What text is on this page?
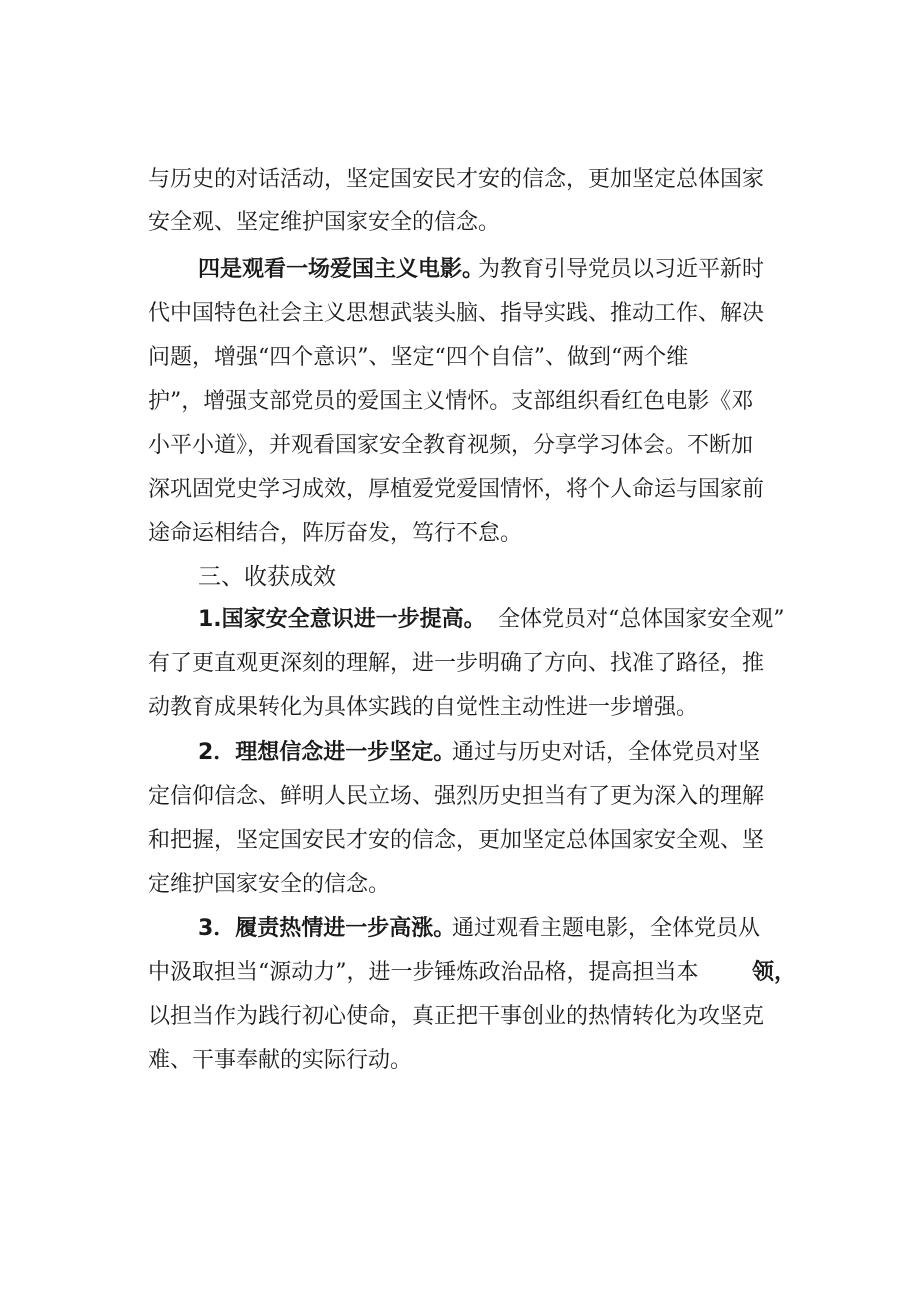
与历史的对话活动，坚定国安民才安的信念，更加坚定总体国家
安全观、坚定维护国家安全的信念。
四是观看一场爱国主义电影。
为教育引导党员以习近平新时
代中国特色社会主义思想武装头脑、指导实践、推动工作、解决
问题，增强“四个意识”、坚定“四个自信”、做到“两个维
护”，增强支部党员的爱国主义情怀。支部组织看红色电影《邓
小平小道》，并观看国家安全教育视频，分享学习体会。不断加
深巩固党史学习成效，厚植爱党爱国情怀，将个人命运与国家前
途命运相结合，阵厉奋发，笃行不怠。
三、收获成效
1.国家安全意识进一步提高。 全体党员对“总体国家安全观”
有了更直观更深刻的理解，进一步明确了方向、找准了路径，推
动教育成果转化为具体实践的自觉性主动性进一步增强。
2．理想信念进一步坚定。
通过与历史对话，全体党员对坚
定信仰信念、鲜明人民立场、强烈历史担当有了更为深入的理解
和把握，坚定国安民才安的信念，更加坚定总体国家安全观、坚
定维护国家安全的信念。
3．履责热情进一步高涨。
通过观看主题电影，全体党员从
中汲取担当“源动力”，进一步锤炼政治品格，提高担当本 领，
以担当作为践行初心使命，真正把干事创业的热情转化为攻坚克
难、干事奉献的实际行动。
